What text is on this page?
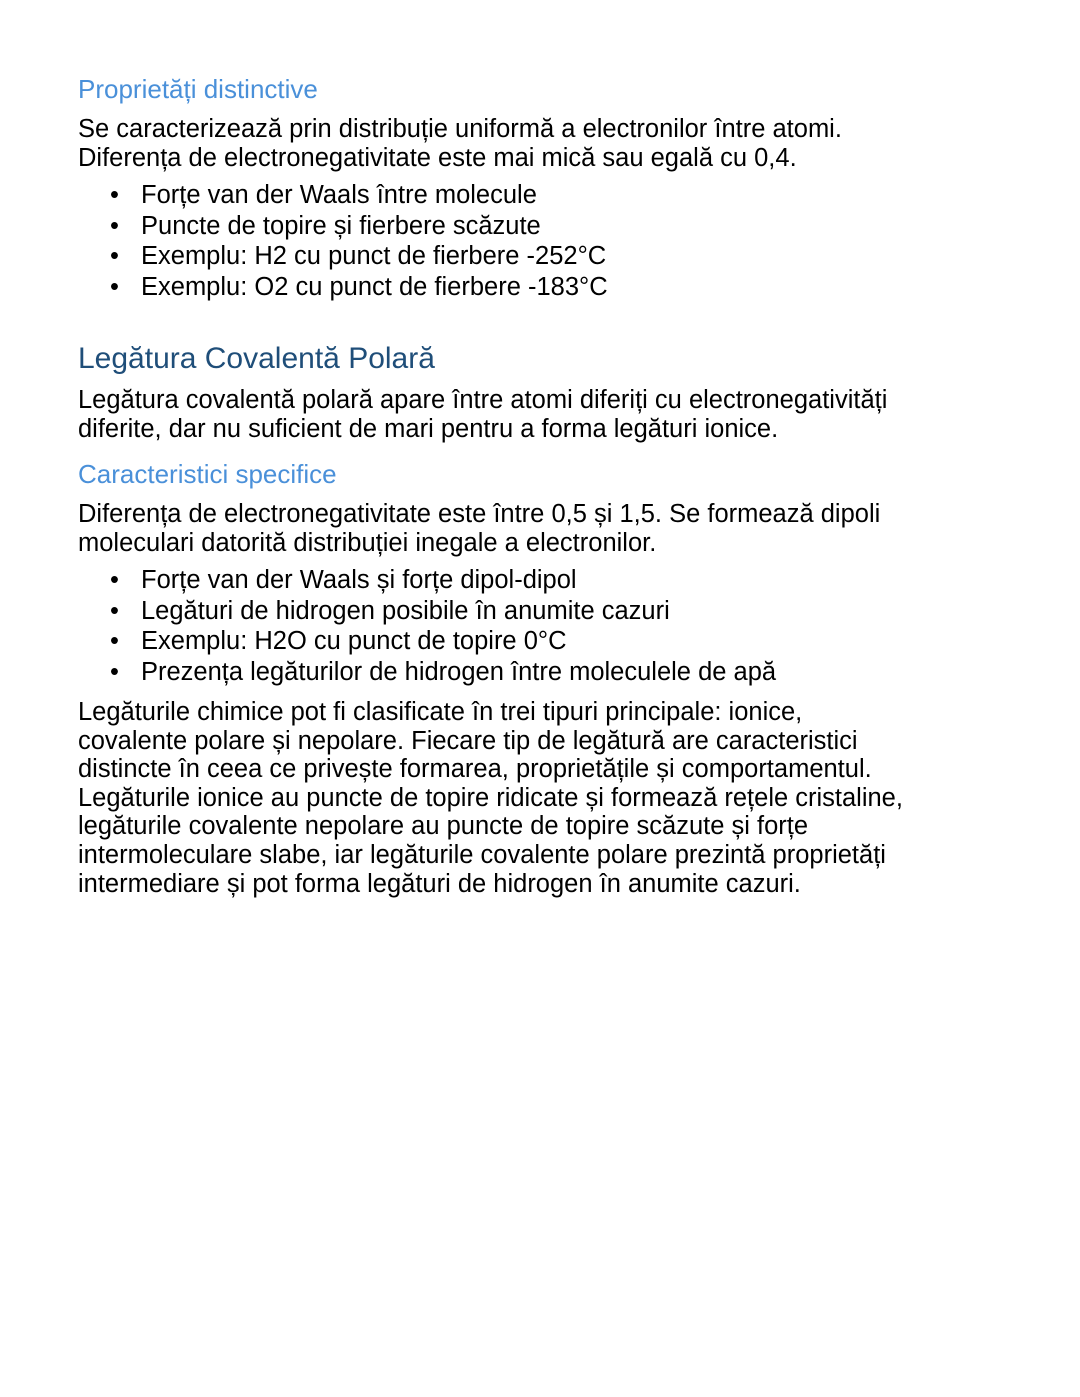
Proprietăți distinctive

Se caracterizează prin distribuție uniformă a electronilor între atomi.
Diferența de electronegativitate este mai mică sau egală cu 0,4.

• Forțe van der Waals între molecule
• Puncte de topire și fierbere scăzute
• Exemplu: H2 cu punct de fierbere -252°C
• Exemplu: O2 cu punct de fierbere -183°C
Legătura Covalentă Polară

Legătura covalentă polară apare între atomi diferiți cu electronegativități
diferite, dar nu suficient de mari pentru a forma legături ionice.

Caracteristici specifice

Diferența de electronegativitate este între 0,5 și 1,5. Se formează dipoli
moleculari datorită distribuției inegale a electronilor.

• Forțe van der Waals și forțe dipol-dipol
• Legături de hidrogen posibile în anumite cazuri
• Exemplu: H2O cu punct de topire 0°C
• Prezența legăturilor de hidrogen între moleculele de apă

Legăturile chimice pot fi clasificate în trei tipuri principale: ionice,
covalente polare și nepolare. Fiecare tip de legătură are caracteristici
distincte în ceea ce privește formarea, proprietățile și comportamentul.
Legăturile ionice au puncte de topire ridicate și formează rețele cristaline,
legăturile covalente nepolare au puncte de topire scăzute și forțe
intermoleculare slabe, iar legăturile covalente polare prezintă proprietăți
intermediare și pot forma legături de hidrogen în anumite cazuri.
